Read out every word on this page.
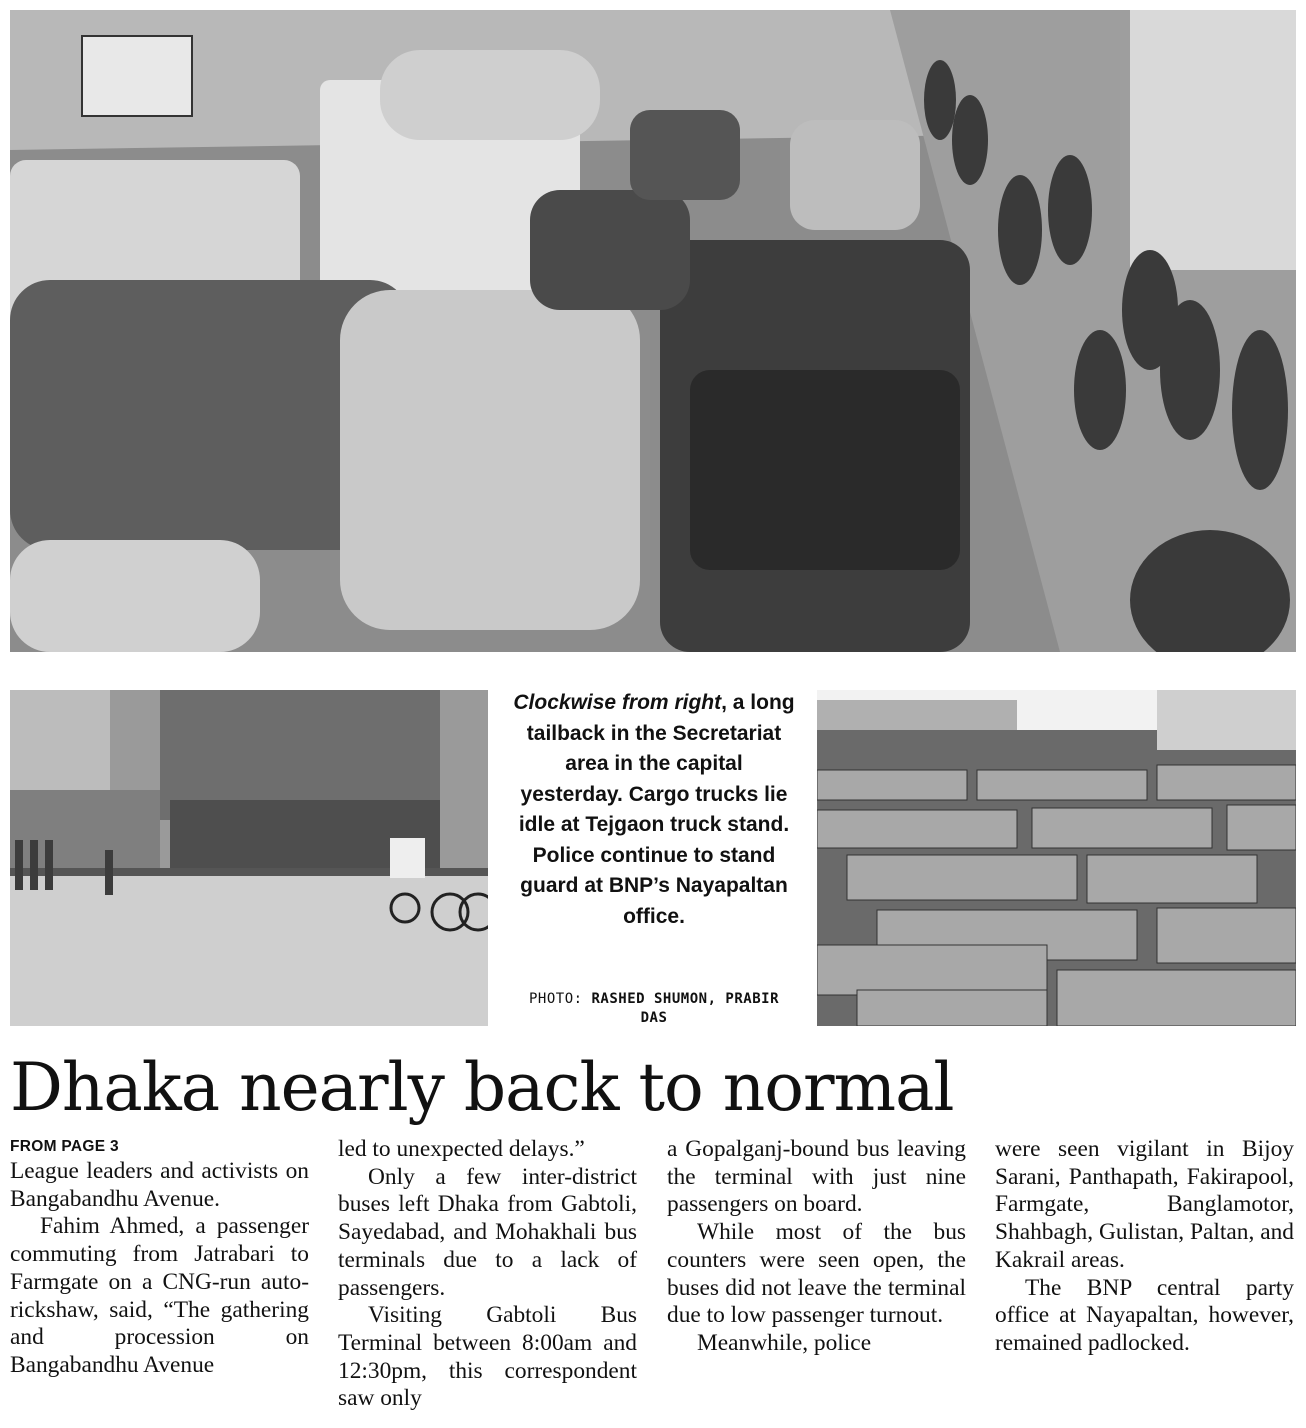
Clockwise from right, a long tailback in the Secretariat area in the capital yesterday. Cargo trucks lie idle at Tejgaon truck stand. Police continue to stand guard at BNP’s Nayapaltan office.
PHOTO: RASHED SHUMON, PRABIR DAS
Dhaka nearly back to normal

FROM PAGE 3

League leaders and activists on Bangabandhu Avenue.

Fahim Ahmed, a passenger commuting from Jatrabari to Farmgate on a CNG-run auto-rickshaw, said, “The gathering and procession on Bangabandhu Avenue

led to unexpected delays.”

Only a few inter-district buses left Dhaka from Gabtoli, Sayedabad, and Mohakhali bus terminals due to a lack of passengers.

Visiting Gabtoli Bus Terminal between 8:00am and 12:30pm, this correspondent saw only

a Gopalganj-bound bus leaving the terminal with just nine passengers on board.

While most of the bus counters were seen open, the buses did not leave the terminal due to low passenger turnout.

Meanwhile, police

were seen vigilant in Bijoy Sarani, Panthapath, Fakirapool, Farmgate, Banglamotor, Shahbagh, Gulistan, Paltan, and Kakrail areas.

The BNP central party office at Nayapaltan, however, remained padlocked.
